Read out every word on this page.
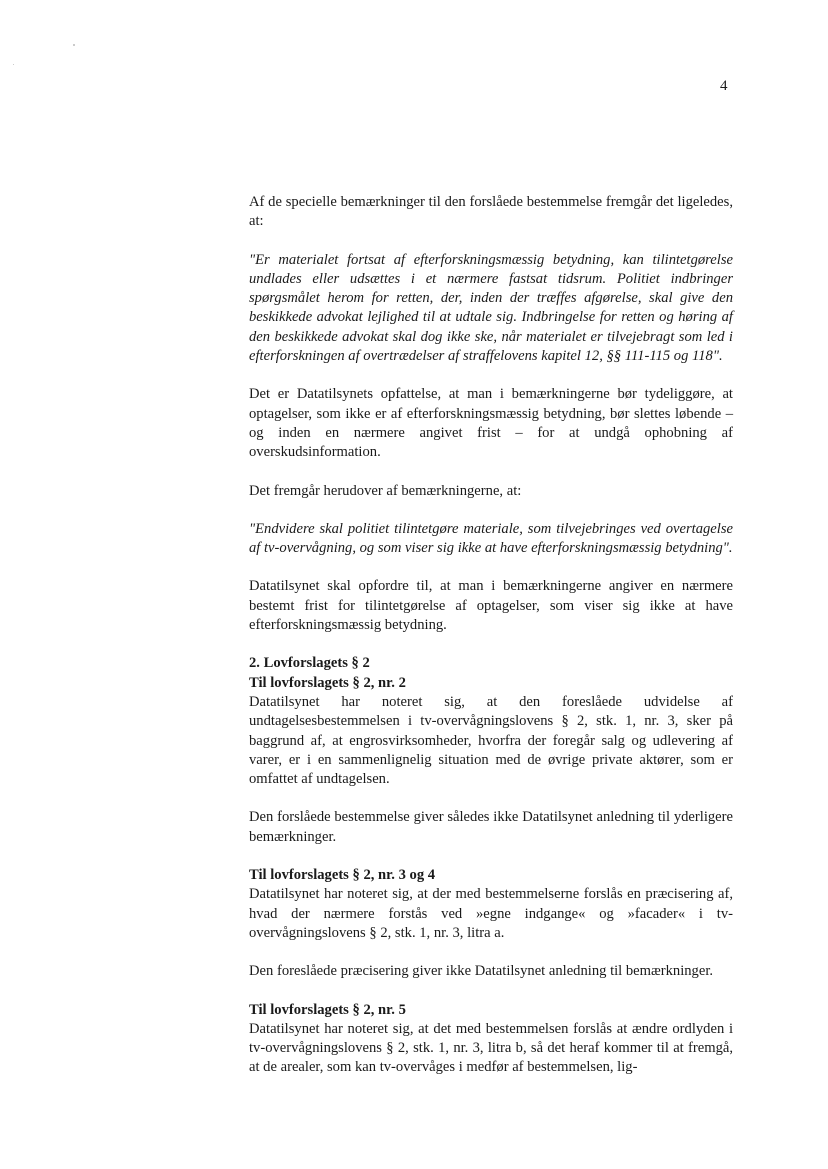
4

Af de specielle bemærkninger til den forslåede bestemmelse fremgår det ligeledes, at:

"Er materialet fortsat af efterforskningsmæssig betydning, kan tilintetgørelse undlades eller udsættes i et nærmere fastsat tidsrum. Politiet indbringer spørgsmålet herom for retten, der, inden der træffes afgørelse, skal give den beskikkede advokat lejlighed til at udtale sig. Indbringelse for retten og høring af den beskikkede advokat skal dog ikke ske, når materialet er tilvejebragt som led i efterforskningen af overtrædelser af straffelovens kapitel 12, §§ 111-115 og 118".

Det er Datatilsynets opfattelse, at man i bemærkningerne bør tydeliggøre, at optagelser, som ikke er af efterforskningsmæssig betydning, bør slettes løbende – og inden en nærmere angivet frist – for at undgå ophobning af overskudsinformation.

Det fremgår herudover af bemærkningerne, at:

"Endvidere skal politiet tilintetgøre materiale, som tilvejebringes ved overtagelse af tv-overvågning, og som viser sig ikke at have efterforskningsmæssig betydning".

Datatilsynet skal opfordre til, at man i bemærkningerne angiver en nærmere bestemt frist for tilintetgørelse af optagelser, som viser sig ikke at have efterforskningsmæssig betydning.

2. Lovforslagets § 2
Til lovforslagets § 2, nr. 2
Datatilsynet har noteret sig, at den foreslåede udvidelse af undtagelsesbestemmelsen i tv-overvågningslovens § 2, stk. 1, nr. 3, sker på baggrund af, at engrosvirksomheder, hvorfra der foregår salg og udlevering af varer, er i en sammenlignelig situation med de øvrige private aktører, som er omfattet af undtagelsen.

Den forslåede bestemmelse giver således ikke Datatilsynet anledning til yderligere bemærkninger.

Til lovforslagets § 2, nr. 3 og 4
Datatilsynet har noteret sig, at der med bestemmelserne forslås en præcisering af, hvad der nærmere forstås ved »egne indgange« og »facader« i tv-overvågningslovens § 2, stk. 1, nr. 3, litra a.

Den foreslåede præcisering giver ikke Datatilsynet anledning til bemærkninger.

Til lovforslagets § 2, nr. 5
Datatilsynet har noteret sig, at det med bestemmelsen forslås at ændre ordlyden i tv-overvågningslovens § 2, stk. 1, nr. 3, litra b, så det heraf kommer til at fremgå, at de arealer, som kan tv-overvåges i medfør af bestemmelsen, lig-
